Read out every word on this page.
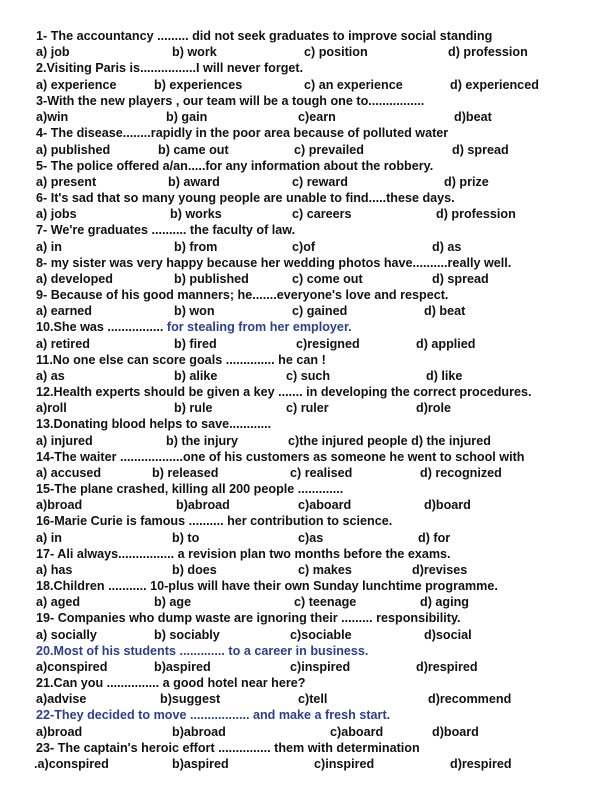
1- The accountancy ......... did not seek graduates to improve social standing
a) job	b) work	c) position	d) profession
2.Visiting Paris is................I will never forget.
a) experience	b) experiences	c) an experience	d) experienced
3-With the new players , our team will be a tough one to................
a)win	b) gain	c)earn	d)beat
4- The disease........rapidly in the poor area because of polluted water
a) published	b) came out	c) prevailed	d) spread
5- The police offered a/an.....for any information about the robbery.
a) present	b) award	c) reward	d) prize
6- It's sad that so many young people are unable to find.....these days.
a) jobs	b) works	c) careers	d) profession
7- We're graduates .......... the faculty of law.
a) in	b) from	c)of	d) as
8- my sister was very happy because her wedding photos have..........really well.
a) developed	b) published	c) come out	d) spread
9- Because of his good manners; he.......everyone's love and respect.
a) earned	b) won	c) gained	d) beat
10.She was ................ for stealing from her employer.
a) retired	b) fired	c)resigned	d) applied
11.No one else can score goals .............. he can !
a) as	b) alike	c) such	d) like
12.Health experts should be given a key ....... in developing the correct procedures.
a)roll	b) rule	c) ruler	d)role
13.Donating blood helps to save............
a) injured	b) the injury	c)the injured people d) the injured
14-The waiter ..................one of his customers as someone he went to school with
a) accused	b) released	c) realised	d) recognized
15-The plane crashed, killing all 200 people .............
a)broad	b)abroad	c)aboard	d)board
16-Marie Curie is famous .......... her contribution to science.
a) in	b) to	c)as	d) for
17- Ali always................ a revision plan two months before the exams.
a) has	b) does	c) makes	d)revises
18.Children ........... 10-plus will have their own Sunday lunchtime programme.
a) aged	b) age	c) teenage	d) aging
19- Companies who dump waste are ignoring their ......... responsibility.
a) socially	b) sociably	c)sociable	d)social
20.Most of his students ............. to a career in business.
a)conspired	b)aspired	c)inspired	d)respired
21.Can you ............... a good hotel near here?
a)advise	b)suggest	c)tell	d)recommend
22-They decided to move ................. and make a fresh start.
a)broad	b)abroad	c)aboard	d)board
23- The captain's heroic effort ............... them with determination
.a)conspired	b)aspired	c)inspired	d)respired
